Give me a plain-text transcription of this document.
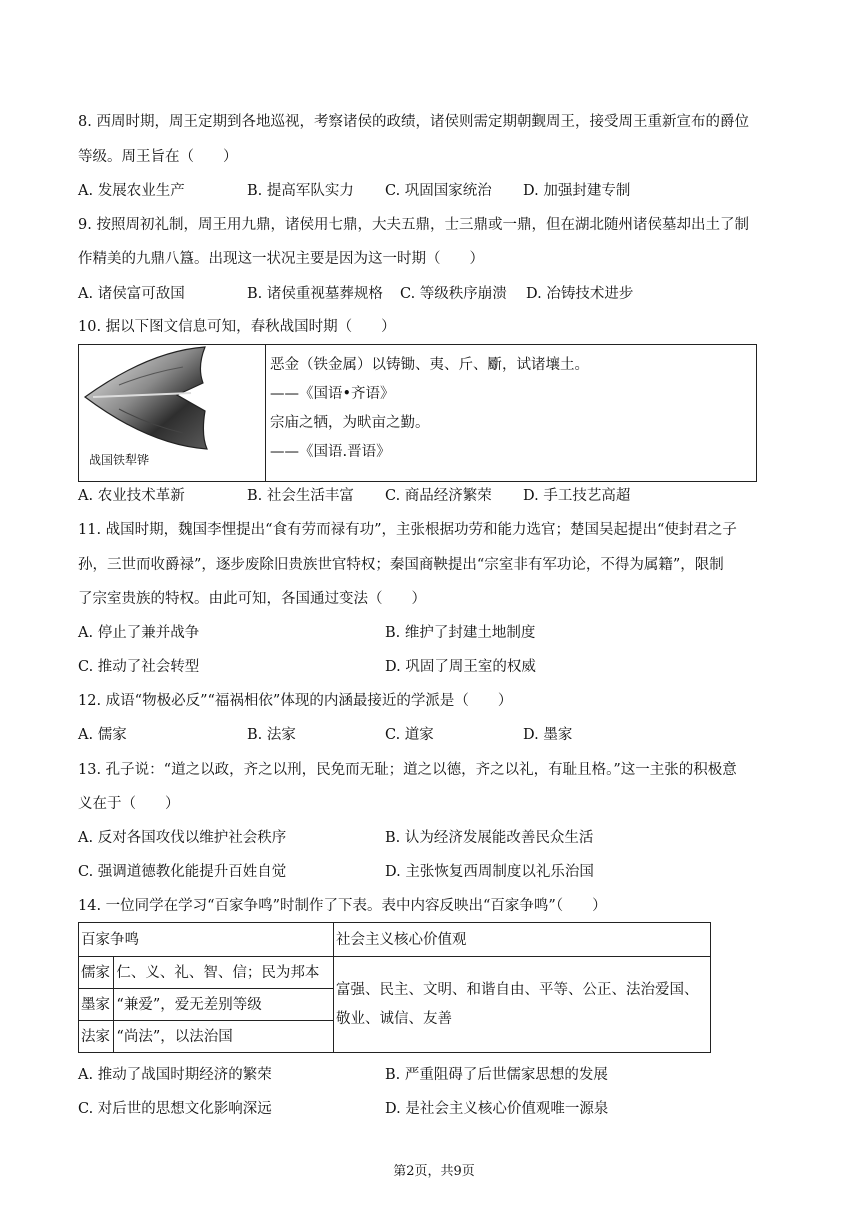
8. 西周时期，周王定期到各地巡视，考察诸侯的政绩，诸侯则需定期朝觐周王，接受周王重新宣布的爵位
等级。周王旨在（　　）
A. 发展农业生产	B. 提高军队实力 C. 巩固国家统治 D. 加强封建专制
9. 按照周初礼制，周王用九鼎，诸侯用七鼎，大夫五鼎，士三鼎或一鼎，但在湖北随州诸侯墓却出土了制
作精美的九鼎八簋。出现这一状况主要是因为这一时期（　　）
A. 诸侯富可敌国	B. 诸侯重视墓葬规格 C. 等级秩序崩溃 D. 冶铸技术进步
10. 据以下图文信息可知，春秋战国时期（　　）
战国铁犁铧

恶金（铁金属）以铸锄、夷、斤、斸，试诸壤土。
——《国语•齐语》
宗庙之牺，为畎亩之勤。
——《国语.晋语》
A. 农业技术革新	B. 社会生活丰富 C. 商品经济繁荣 D. 手工技艺高超
11. 战国时期，魏国李悝提出“食有劳而禄有功”，主张根据功劳和能力选官；楚国吴起提出“使封君之子
孙，三世而收爵禄”，逐步废除旧贵族世官特权；秦国商鞅提出“宗室非有军功论，不得为属籍”，限制
了宗室贵族的特权。由此可知，各国通过变法（　　）
A. 停止了兼并战争	B. 维护了封建土地制度
C. 推动了社会转型	D. 巩固了周王室的权威
12. 成语“物极必反”“福祸相依”体现的内涵最接近的学派是（　　）
A. 儒家	B. 法家	C. 道家	D. 墨家
13. 孔子说：“道之以政，齐之以刑，民免而无耻；道之以德，齐之以礼，有耻且格。”这一主张的积极意
义在于（　　）
A. 反对各国攻伐以维护社会秩序	B. 认为经济发展能改善民众生活
C. 强调道德教化能提升百姓自觉	D. 主张恢复西周制度以礼乐治国
14. 一位同学在学习“百家争鸣”时制作了下表。表中内容反映出“百家争鸣”（　　）
百家争鸣		社会主义核心价值观
儒家	仁、义、礼、智、信；民为邦本	富强、民主、文明、和谐自由、平等、公正、法治爱国、
敬业、诚信、友善

墨家	“兼爱”，爱无差别等级	
法家	“尚法”，以法治国	
A. 推动了战国时期经济的繁荣	B. 严重阻碍了后世儒家思想的发展
C. 对后世的思想文化影响深远	D. 是社会主义核心价值观唯一源泉
第2页，共9页
